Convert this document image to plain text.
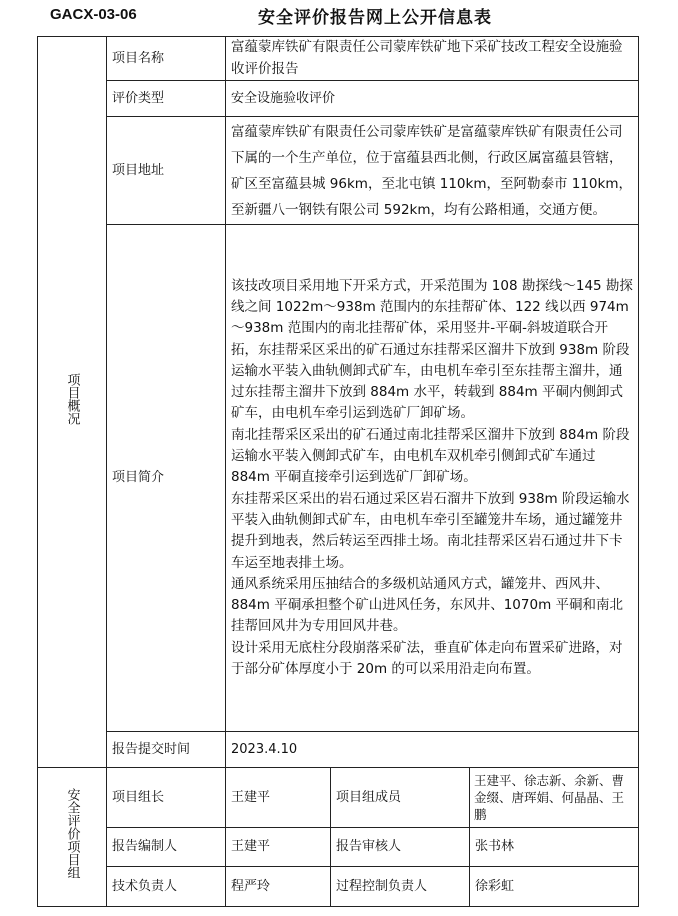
GACX-03-06	安全评价报告网上公开信息表
项目概况	项目名称	富蕴蒙库铁矿有限责任公司蒙库铁矿地下采矿技改工程安全设施验收评价报告		
	评价类型	安全设施验收评价		
	项目地址	富蕴蒙库铁矿有限责任公司蒙库铁矿是富蕴蒙库铁矿有限责任公司下属的一个生产单位，位于富蕴县西北侧，行政区属富蕴县管辖，矿区至富蕴县城 96km，至北屯镇 110km，至阿勒泰市 110km，至新疆八一钢铁有限公司 592km，均有公路相通，交通方便。		
	项目简介	该技改项目采用地下开采方式，开采范围为 108 勘探线～145 勘探线之间 1022m～938m 范围内的东挂帮矿体、122 线以西 974m～938m 范围内的南北挂帮矿体，采用竖井-平硐-斜坡道联合开拓，东挂帮采区采出的矿石通过东挂帮采区溜井下放到 938m 阶段运输水平装入曲轨侧卸式矿车，由电机车牵引至东挂帮主溜井，通过东挂帮主溜井下放到 884m 水平，转载到 884m 平硐内侧卸式矿车，由电机车牵引运到选矿厂卸矿场。

南北挂帮采区采出的矿石通过南北挂帮采区溜井下放到 884m 阶段运输水平装入侧卸式矿车，由电机车双机牵引侧卸式矿车通过 884m 平硐直接牵引运到选矿厂卸矿场。

东挂帮采区采出的岩石通过采区岩石溜井下放到 938m 阶段运输水平装入曲轨侧卸式矿车，由电机车牵引至罐笼井车场，通过罐笼井提升到地表，然后转运至西排土场。南北挂帮采区岩石通过井下卡车运至地表排土场。

通风系统采用压抽结合的多级机站通风方式，罐笼井、西风井、884m 平硐承担整个矿山进风任务，东风井、1070m 平硐和南北挂帮回风井为专用回风井巷。

设计采用无底柱分段崩落采矿法，垂直矿体走向布置采矿进路，对于部分矿体厚度小于 20m 的可以采用沿走向布置。		

	报告提交时间	2023.4.10		
安全评价项目组	项目组长	王建平	项目组成员	王建平、徐志新、余新、曹金缀、唐珲娟、何晶晶、王鹏
	报告编制人	王建平	报告审核人	张书林
	技术负责人	程严玲	过程控制负责人	徐彩虹
